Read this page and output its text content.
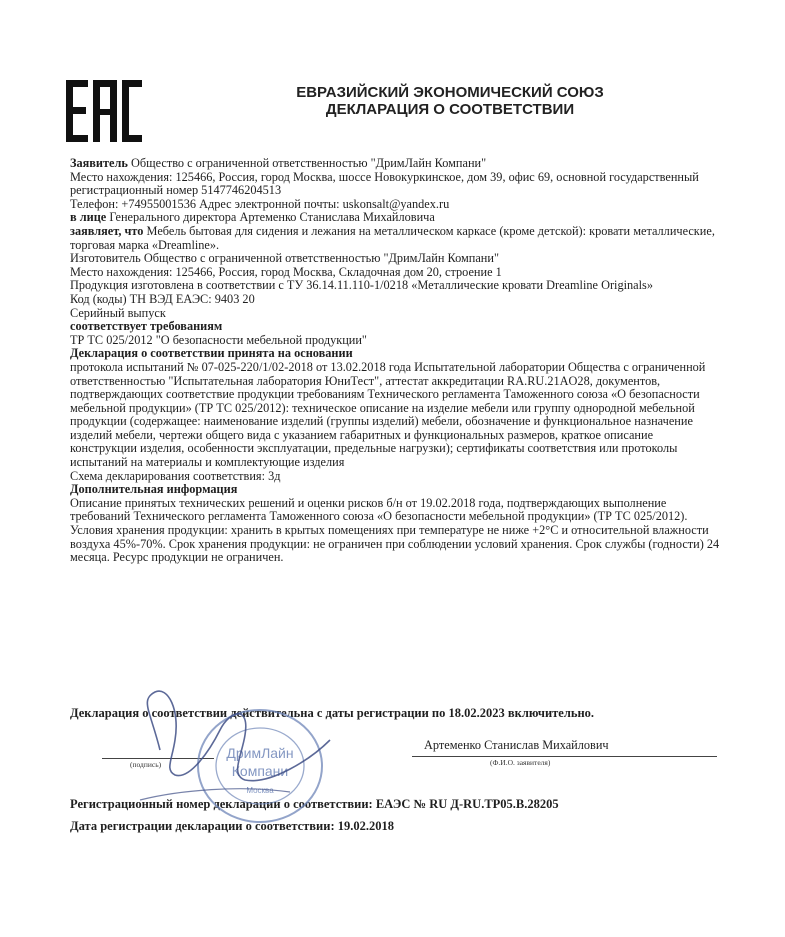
ЕВРАЗИЙСКИЙ ЭКОНОМИЧЕСКИЙ СОЮЗ
ДЕКЛАРАЦИЯ О СООТВЕТСТВИИ

Заявитель Общество с ограниченной ответственностью "ДримЛайн Компани"

Место нахождения: 125466, Россия, город Москва, шоссе Новокуркинское, дом 39, офис 69, основной государственный регистрационный номер 5147746204513

Телефон: +74955001536 Адрес электронной почты: uskonsalt@yandex.ru

в лице Генерального директора Артеменко Станислава Михайловича

заявляет, что Мебель бытовая для сидения и лежания на металлическом каркасе (кроме детской): кровати металлические, торговая марка «Dreamline».

Изготовитель Общество с ограниченной ответственностью "ДримЛайн Компани"

Место нахождения: 125466, Россия, город Москва, Складочная дом 20, строение 1

Продукция изготовлена в соответствии с ТУ 36.14.11.110-1/0218 «Металлические кровати Dreamline Originals»

Код (коды) ТН ВЭД ЕАЭС: 9403 20

Серийный выпуск

соответствует требованиям

ТР ТС 025/2012 "О безопасности мебельной продукции"

Декларация о соответствии принята на основании

протокола испытаний № 07-025-220/1/02-2018 от 13.02.2018 года Испытательной лаборатории Общества с ограниченной ответственностью "Испытательная лаборатория ЮниТест", аттестат аккредитации RA.RU.21AO28, документов, подтверждающих соответствие продукции требованиям Технического регламента Таможенного союза «О безопасности мебельной продукции» (ТР ТС 025/2012): техническое описание на изделие мебели или группу однородной мебельной продукции (содержащее: наименование изделий (группы изделий) мебели, обозначение и функциональное назначение изделий мебели, чертежи общего вида с указанием габаритных и функциональных размеров, краткое описание конструкции изделия, особенности эксплуатации, предельные нагрузки); сертификаты соответствия или протоколы испытаний на материалы и комплектующие изделия

Схема декларирования соответствия: 3д

Дополнительная информация

Описание принятых технических решений и оценки рисков б/н от 19.02.2018 года, подтверждающих выполнение требований Технического регламента Таможенного союза «О безопасности мебельной продукции» (ТР ТС 025/2012). Условия хранения продукции: хранить в крытых помещениях при температуре не ниже +2°С и относительной влажности воздуха 45%-70%. Срок хранения продукции: не ограничен при соблюдении условий хранения. Срок службы (годности) 24 месяца. Ресурс продукции не ограничен.

Декларация о соответствии действительна с даты регистрации по 18.02.2023 включительно.
(подпись)
Артеменко Станислав Михайлович
(Ф.И.О. заявителя)
Регистрационный номер декларации о соответствии: ЕАЭС № RU Д-RU.ТР05.В.28205
Дата регистрации декларации о соответствии: 19.02.2018
ДримЛайн
Компани
Москва
